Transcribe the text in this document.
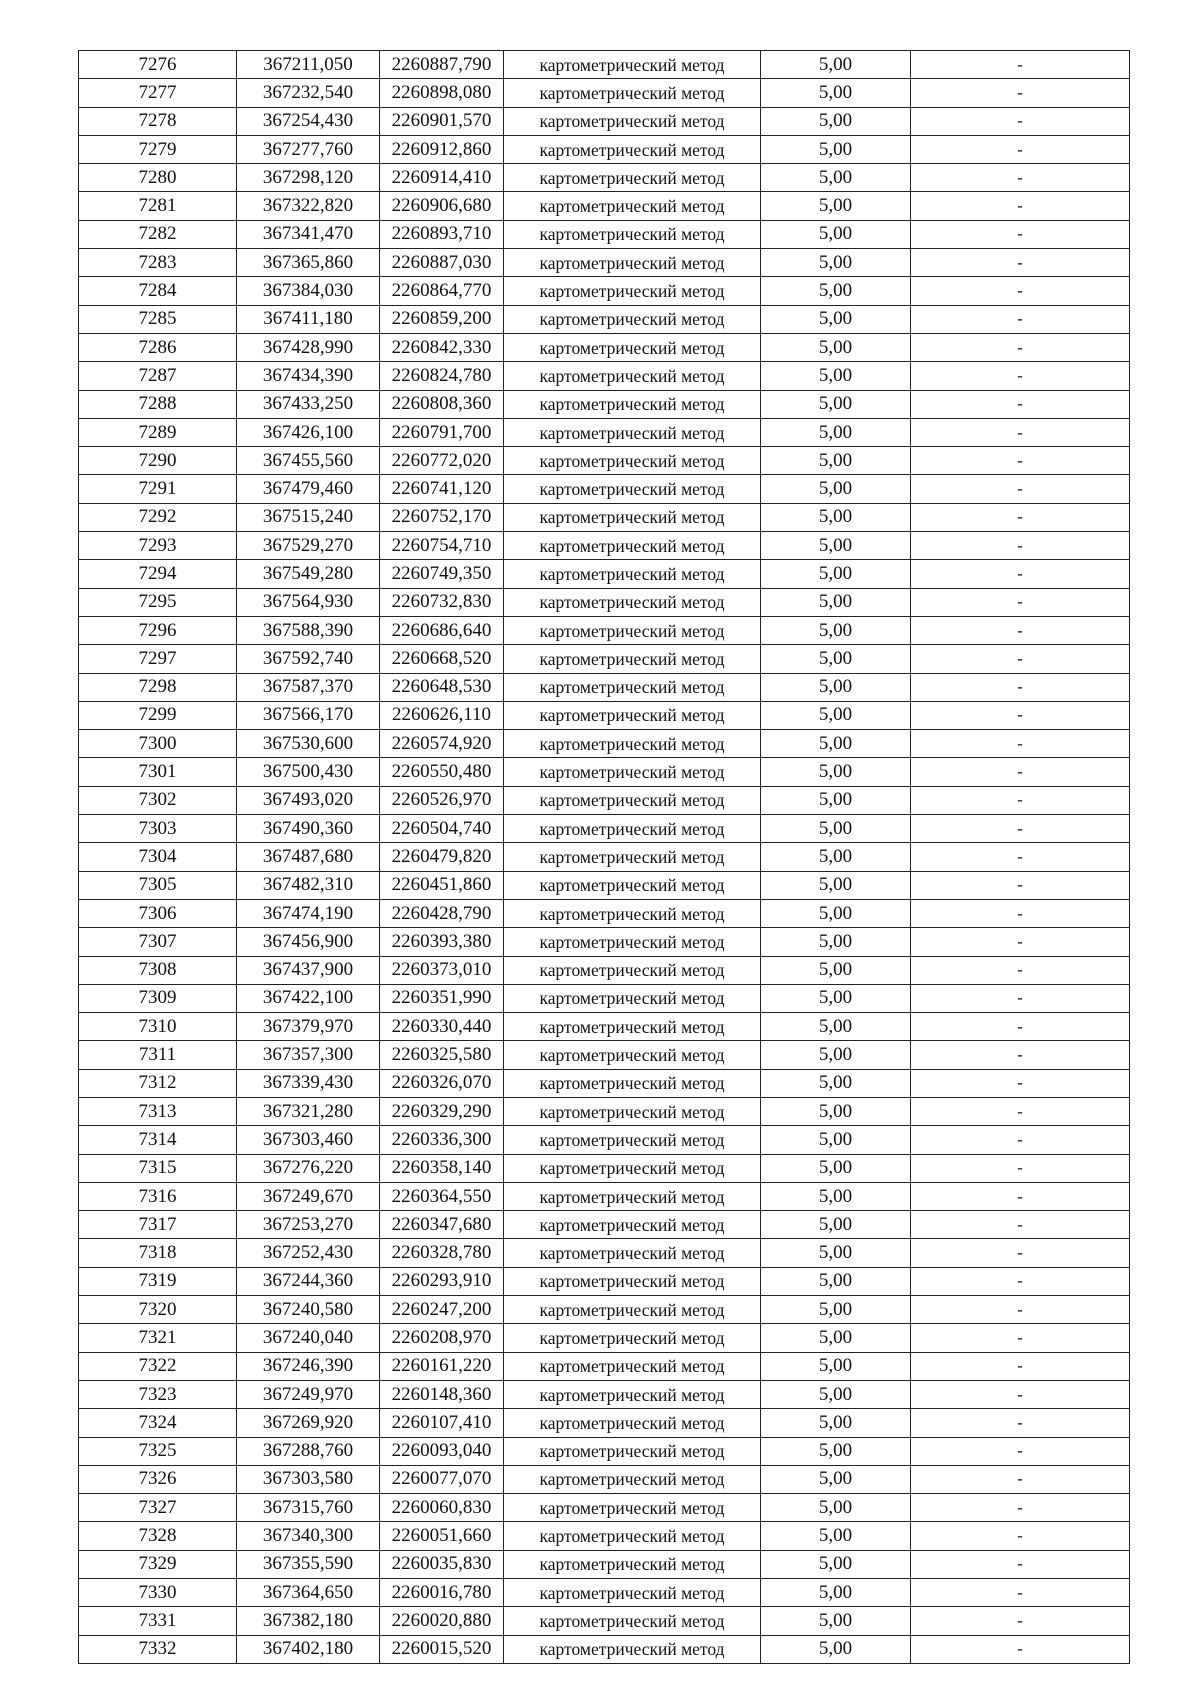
7276	367211,050	2260887,790	картометрический метод	5,00	-
7277	367232,540	2260898,080	картометрический метод	5,00	-
7278	367254,430	2260901,570	картометрический метод	5,00	-
7279	367277,760	2260912,860	картометрический метод	5,00	-
7280	367298,120	2260914,410	картометрический метод	5,00	-
7281	367322,820	2260906,680	картометрический метод	5,00	-
7282	367341,470	2260893,710	картометрический метод	5,00	-
7283	367365,860	2260887,030	картометрический метод	5,00	-
7284	367384,030	2260864,770	картометрический метод	5,00	-
7285	367411,180	2260859,200	картометрический метод	5,00	-
7286	367428,990	2260842,330	картометрический метод	5,00	-
7287	367434,390	2260824,780	картометрический метод	5,00	-
7288	367433,250	2260808,360	картометрический метод	5,00	-
7289	367426,100	2260791,700	картометрический метод	5,00	-
7290	367455,560	2260772,020	картометрический метод	5,00	-
7291	367479,460	2260741,120	картометрический метод	5,00	-
7292	367515,240	2260752,170	картометрический метод	5,00	-
7293	367529,270	2260754,710	картометрический метод	5,00	-
7294	367549,280	2260749,350	картометрический метод	5,00	-
7295	367564,930	2260732,830	картометрический метод	5,00	-
7296	367588,390	2260686,640	картометрический метод	5,00	-
7297	367592,740	2260668,520	картометрический метод	5,00	-
7298	367587,370	2260648,530	картометрический метод	5,00	-
7299	367566,170	2260626,110	картометрический метод	5,00	-
7300	367530,600	2260574,920	картометрический метод	5,00	-
7301	367500,430	2260550,480	картометрический метод	5,00	-
7302	367493,020	2260526,970	картометрический метод	5,00	-
7303	367490,360	2260504,740	картометрический метод	5,00	-
7304	367487,680	2260479,820	картометрический метод	5,00	-
7305	367482,310	2260451,860	картометрический метод	5,00	-
7306	367474,190	2260428,790	картометрический метод	5,00	-
7307	367456,900	2260393,380	картометрический метод	5,00	-
7308	367437,900	2260373,010	картометрический метод	5,00	-
7309	367422,100	2260351,990	картометрический метод	5,00	-
7310	367379,970	2260330,440	картометрический метод	5,00	-
7311	367357,300	2260325,580	картометрический метод	5,00	-
7312	367339,430	2260326,070	картометрический метод	5,00	-
7313	367321,280	2260329,290	картометрический метод	5,00	-
7314	367303,460	2260336,300	картометрический метод	5,00	-
7315	367276,220	2260358,140	картометрический метод	5,00	-
7316	367249,670	2260364,550	картометрический метод	5,00	-
7317	367253,270	2260347,680	картометрический метод	5,00	-
7318	367252,430	2260328,780	картометрический метод	5,00	-
7319	367244,360	2260293,910	картометрический метод	5,00	-
7320	367240,580	2260247,200	картометрический метод	5,00	-
7321	367240,040	2260208,970	картометрический метод	5,00	-
7322	367246,390	2260161,220	картометрический метод	5,00	-
7323	367249,970	2260148,360	картометрический метод	5,00	-
7324	367269,920	2260107,410	картометрический метод	5,00	-
7325	367288,760	2260093,040	картометрический метод	5,00	-
7326	367303,580	2260077,070	картометрический метод	5,00	-
7327	367315,760	2260060,830	картометрический метод	5,00	-
7328	367340,300	2260051,660	картометрический метод	5,00	-
7329	367355,590	2260035,830	картометрический метод	5,00	-
7330	367364,650	2260016,780	картометрический метод	5,00	-
7331	367382,180	2260020,880	картометрический метод	5,00	-
7332	367402,180	2260015,520	картометрический метод	5,00	-
